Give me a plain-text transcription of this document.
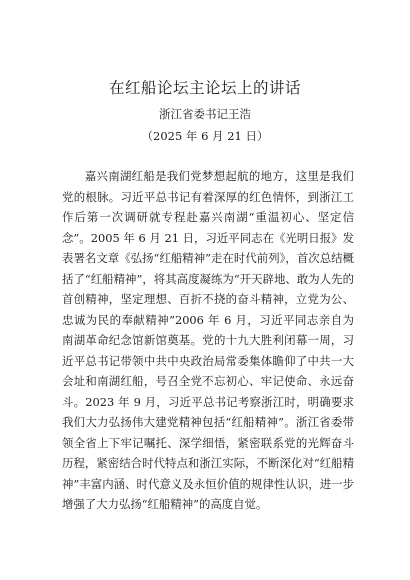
在红船论坛主论坛上的讲话
浙江省委书记王浩
（2025 年 6 月 21 日）

嘉兴南湖红船是我们党梦想起航的地方，这里是我们党的根脉。习近平总书记有着深厚的红色情怀，到浙江工作后第一次调研就专程赴嘉兴南湖“重温初心、坚定信念”。2005 年 6 月 21 日，习近平同志在《光明日报》发表署名文章《弘扬“红船精神”走在时代前列》，首次总结概括了“红船精神”，将其高度凝练为“开天辟地、敢为人先的首创精神，坚定理想、百折不挠的奋斗精神，立党为公、忠诚为民的奉献精神”2006 年 6 月，习近平同志亲自为南湖革命纪念馆新馆奠基。党的十九大胜利闭幕一周，习近平总书记带领中共中央政治局常委集体瞻仰了中共一大会址和南湖红船，号召全党不忘初心、牢记使命、永远奋斗。2023 年 9 月，习近平总书记考察浙江时，明确要求我们大力弘扬伟大建党精神包括“红船精神”。浙江省委带领全省上下牢记嘱托、深学细悟，紧密联系党的光辉奋斗历程，紧密结合时代特点和浙江实际，不断深化对“红船精神”丰富内涵、时代意义及永恒价值的规律性认识，进一步增强了大力弘扬“红船精神”的高度自觉。
